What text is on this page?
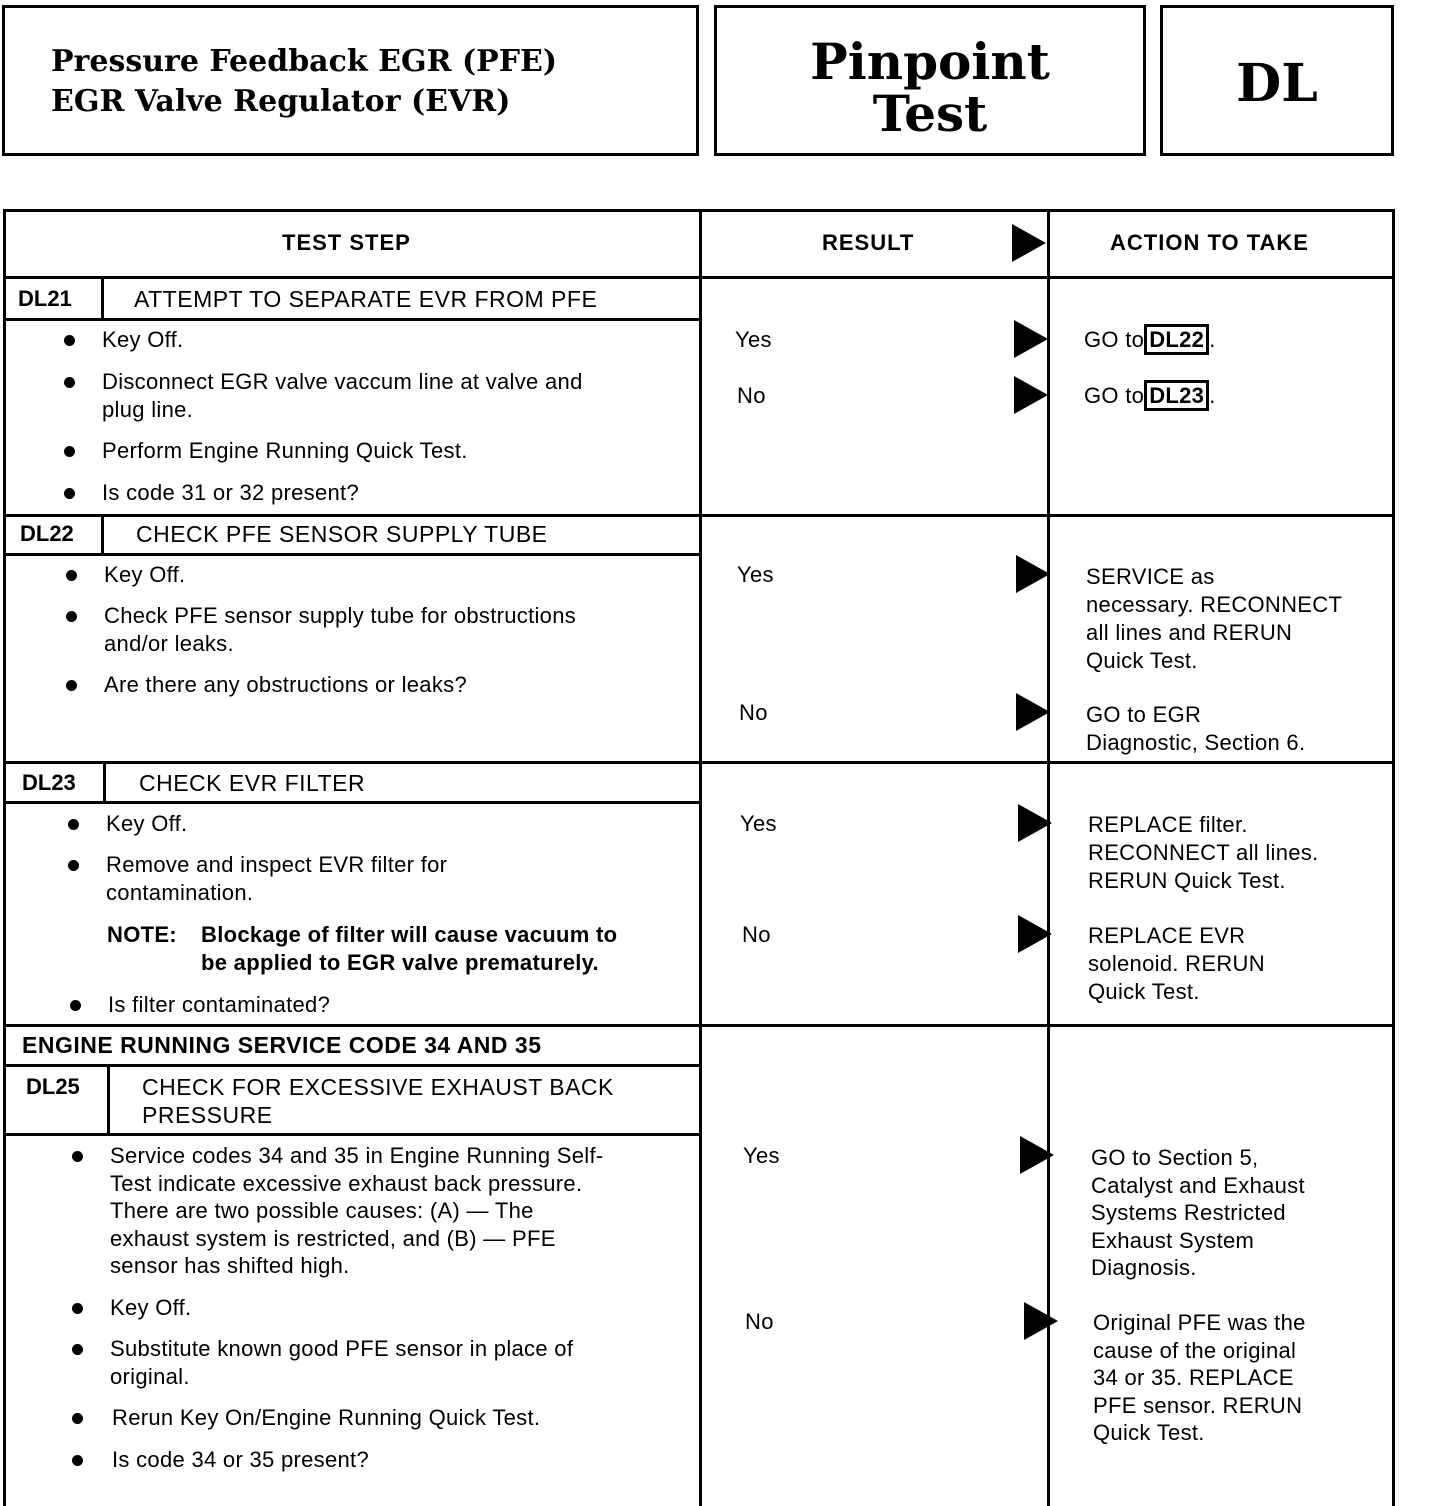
Pressure Feedback EGR (PFE)
EGR Valve Regulator (EVR)
Pinpoint
Test	DL
TEST STEP	RESULT	ACTION TO TAKE
DL21	ATTEMPT TO SEPARATE EVR FROM PFE
Key Off.
Disconnect EGR valve vaccum line at valve and
plug line.
Perform Engine Running Quick Test.
Is code 31 or 32 present?
Yes	GO to DL22 .
No	GO to DL23 .
DL22	CHECK PFE SENSOR SUPPLY TUBE
Key Off.
Check PFE sensor supply tube for obstructions
and/or leaks.
Are there any obstructions or leaks?
Yes	SERVICE as
necessary. RECONNECT
all lines and RERUN
Quick Test.
No	GO to EGR
Diagnostic, Section 6.
DL23	CHECK EVR FILTER
Key Off.
Remove and inspect EVR filter for
contamination.
NOTE: Blockage of filter will cause vacuum to
be applied to EGR valve prematurely.
Is filter contaminated?
Yes	REPLACE filter.
RECONNECT all lines.
RERUN Quick Test.
No	REPLACE EVR
solenoid. RERUN
Quick Test.
ENGINE RUNNING SERVICE CODE 34 AND 35
DL25	CHECK FOR EXCESSIVE EXHAUST BACK
PRESSURE
Service codes 34 and 35 in Engine Running Self-
Test indicate excessive exhaust back pressure.
There are two possible causes: (A) — The
exhaust system is restricted, and (B) — PFE
sensor has shifted high.
Key Off.
Substitute known good PFE sensor in place of
original.
Rerun Key On/Engine Running Quick Test.
Is code 34 or 35 present?
Yes	GO to Section 5,
Catalyst and Exhaust
Systems Restricted
Exhaust System
Diagnosis.
No	Original PFE was the
cause of the original
34 or 35. REPLACE
PFE sensor. RERUN
Quick Test.
